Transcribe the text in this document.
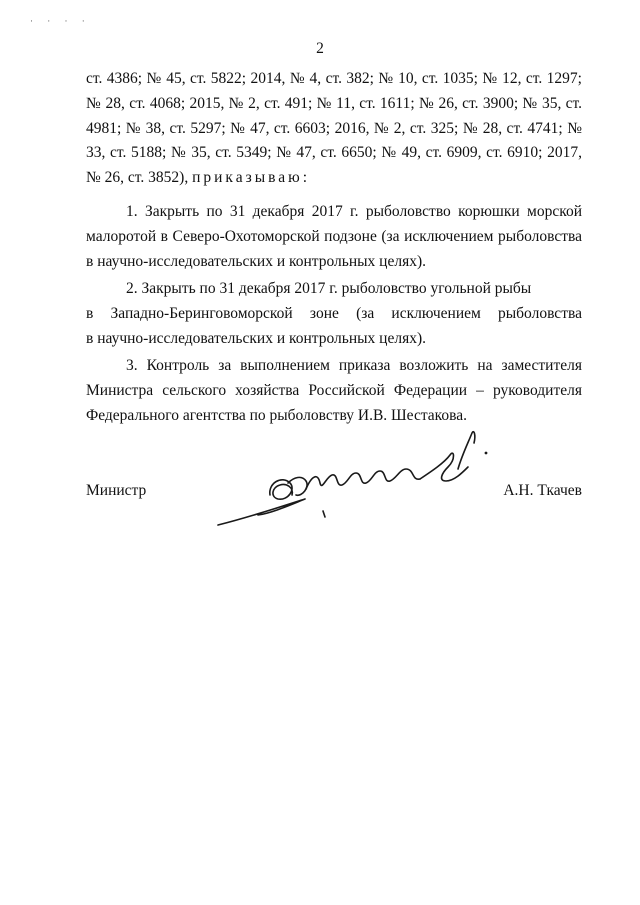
· · · ·
2

ст. 4386; № 45, ст. 5822; 2014, № 4, ст. 382; № 10, ст. 1035; № 12, ст. 1297; № 28, ст. 4068; 2015, № 2, ст. 491; № 11, ст. 1611; № 26, ст. 3900; № 35, ст. 4981; № 38, ст. 5297; № 47, ст. 6603; 2016, № 2, ст. 325; № 28, ст. 4741; № 33, ст. 5188; № 35, ст. 5349; № 47, ст. 6650; № 49, ст. 6909, ст. 6910; 2017, № 26, ст. 3852), приказываю:

1. Закрыть по 31 декабря 2017 г. рыболовство корюшки морской малоротой в Северо-Охотоморской подзоне (за исключением рыболовства в научно-исследовательских и контрольных целях).

2. Закрыть по 31 декабря 2017 г. рыболовство угольной рыбы
в Западно-Беринговоморской зоне (за исключением рыболовства
в научно-исследовательских и контрольных целях).

3. Контроль за выполнением приказа возложить на заместителя Министра сельского хозяйства Российской Федерации – руководителя Федерального агентства по рыболовству И.В. Шестакова.

Министр	А.Н. Ткачев
